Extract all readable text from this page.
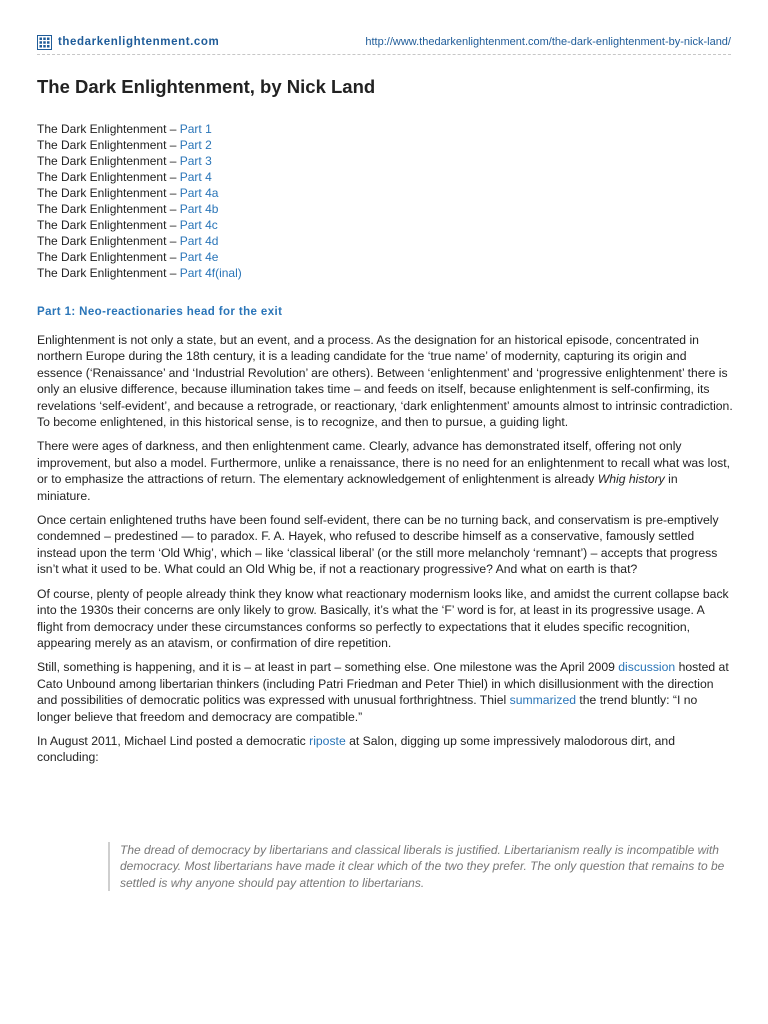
thedarkenlightenment.com	http://www.thedarkenlightenment.com/the-dark-enlightenment-by-nick-land/
The Dark Enlightenment, by Nick Land
The Dark Enlightenment – Part 1
The Dark Enlightenment – Part 2
The Dark Enlightenment – Part 3
The Dark Enlightenment – Part 4
The Dark Enlightenment – Part 4a
The Dark Enlightenment – Part 4b
The Dark Enlightenment – Part 4c
The Dark Enlightenment – Part 4d
The Dark Enlightenment – Part 4e
The Dark Enlightenment – Part 4f(inal)
Part 1: Neo-reactionaries head for the exit

Enlightenment is not only a state, but an event, and a process. As the designation for an historical episode, concentrated in northern Europe during the 18th century, it is a leading candidate for the ‘true name’ of modernity, capturing its origin and essence (‘Renaissance’ and ‘Industrial Revolution’ are others). Between ‘enlightenment’ and ‘progressive enlightenment’ there is only an elusive difference, because illumination takes time – and feeds on itself, because enlightenment is self-confirming, its revelations ‘self-evident’, and because a retrograde, or reactionary, ‘dark enlightenment’ amounts almost to intrinsic contradiction. To become enlightened, in this historical sense, is to recognize, and then to pursue, a guiding light.

There were ages of darkness, and then enlightenment came. Clearly, advance has demonstrated itself, offering not only improvement, but also a model. Furthermore, unlike a renaissance, there is no need for an enlightenment to recall what was lost, or to emphasize the attractions of return. The elementary acknowledgement of enlightenment is already Whig history in miniature.

Once certain enlightened truths have been found self-evident, there can be no turning back, and conservatism is pre-emptively condemned – predestined — to paradox. F. A. Hayek, who refused to describe himself as a conservative, famously settled instead upon the term ‘Old Whig’, which – like ‘classical liberal’ (or the still more melancholy ‘remnant’) – accepts that progress isn’t what it used to be. What could an Old Whig be, if not a reactionary progressive? And what on earth is that?

Of course, plenty of people already think they know what reactionary modernism looks like, and amidst the current collapse back into the 1930s their concerns are only likely to grow. Basically, it’s what the ‘F’ word is for, at least in its progressive usage. A flight from democracy under these circumstances conforms so perfectly to expectations that it eludes specific recognition, appearing merely as an atavism, or confirmation of dire repetition.

Still, something is happening, and it is – at least in part – something else. One milestone was the April 2009 discussion hosted at Cato Unbound among libertarian thinkers (including Patri Friedman and Peter Thiel) in which disillusionment with the direction and possibilities of democratic politics was expressed with unusual forthrightness. Thiel summarized the trend bluntly: “I no longer believe that freedom and democracy are compatible.”

In August 2011, Michael Lind posted a democratic riposte at Salon, digging up some impressively malodorous dirt, and concluding:

The dread of democracy by libertarians and classical liberals is justified. Libertarianism really is incompatible with democracy. Most libertarians have made it clear which of the two they prefer. The only question that remains to be settled is why anyone should pay attention to libertarians.
